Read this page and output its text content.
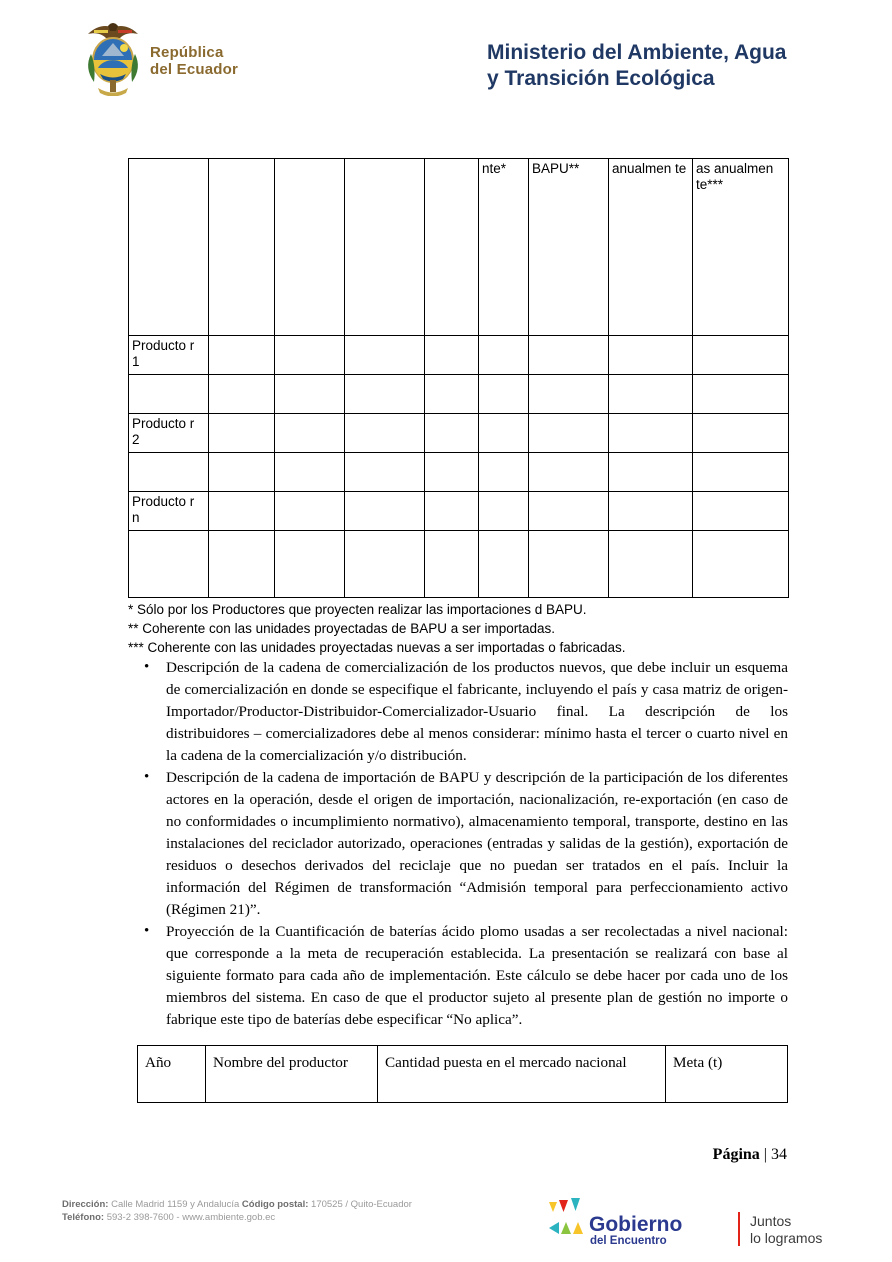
República
del Ecuador
Ministerio del Ambiente, Agua
y Transición Ecológica
					nte*	BAPU**	anualmen te	as anualmen te***
Producto r 1								

Producto r 2								

Producto r n								

* Sólo por los Productores que proyecten realizar las importaciones d BAPU.
** Coherente con las unidades proyectadas de BAPU a ser importadas.
*** Coherente con las unidades proyectadas nuevas a ser importadas o fabricadas.
• Descripción de la cadena de comercialización de los productos nuevos, que debe incluir un esquema de comercialización en donde se especifique el fabricante, incluyendo el país y casa matriz de origen-Importador/Productor-Distribuidor-Comercializador-Usuario final. La descripción de los distribuidores – comercializadores debe al menos considerar: mínimo hasta el tercer o cuarto nivel en la cadena de la comercialización y/o distribución.
• Descripción de la cadena de importación de BAPU y descripción de la participación de los diferentes actores en la operación, desde el origen de importación, nacionalización, re-exportación (en caso de no conformidades o incumplimiento normativo), almacenamiento temporal, transporte, destino en las instalaciones del reciclador autorizado, operaciones (entradas y salidas de la gestión), exportación de residuos o desechos derivados del reciclaje que no puedan ser tratados en el país. Incluir la información del Régimen de transformación “Admisión temporal para perfeccionamiento activo (Régimen 21)”.
• Proyección de la Cuantificación de baterías ácido plomo usadas a ser recolectadas a nivel nacional: que corresponde a la meta de recuperación establecida. La presentación se realizará con base al siguiente formato para cada año de implementación. Este cálculo se debe hacer por cada uno de los miembros del sistema. En caso de que el productor sujeto al presente plan de gestión no importe o fabrique este tipo de baterías debe especificar “No aplica”.
Año	Nombre del productor	Cantidad puesta en el mercado nacional	Meta (t)
Página | 34
Dirección: Calle Madrid 1159 y Andalucía Código postal: 170525 / Quito-Ecuador
Teléfono: 593-2 398-7600 - www.ambiente.gob.ec	Gobierno
del Encuentro
Juntos
lo logramos
